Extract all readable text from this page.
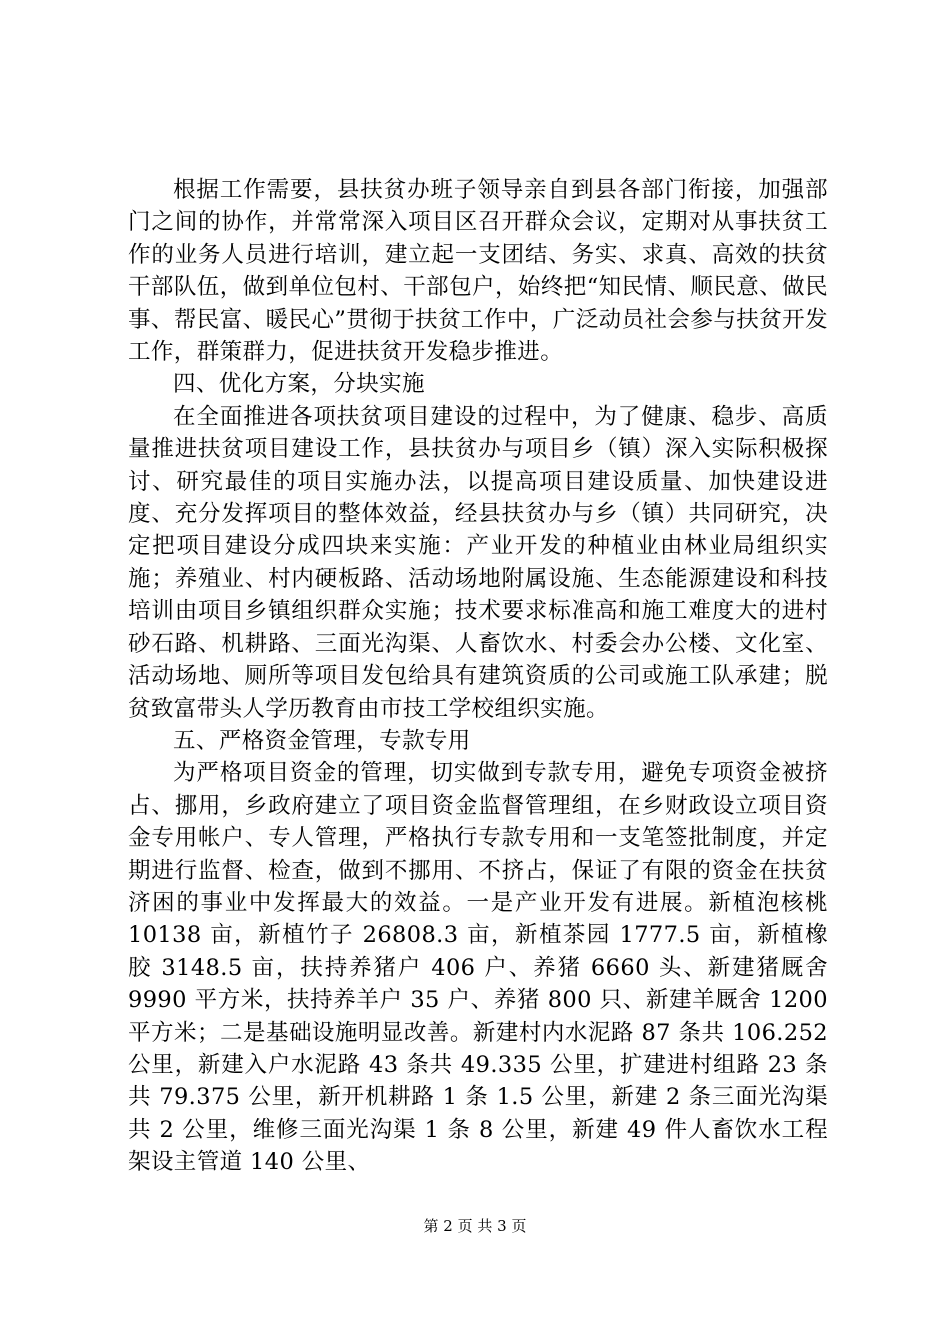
根据工作需要，县扶贫办班子领导亲自到县各部门衔接，加强部门之间的协作，并常常深入项目区召开群众会议，定期对从事扶贫工作的业务人员进行培训，建立起一支团结、务实、求真、高效的扶贫干部队伍，做到单位包村、干部包户，始终把“知民情、顺民意、做民事、帮民富、暖民心”贯彻于扶贫工作中，广泛动员社会参与扶贫开发工作，群策群力，促进扶贫开发稳步推进。

四、优化方案，分块实施

在全面推进各项扶贫项目建设的过程中，为了健康、稳步、高质量推进扶贫项目建设工作，县扶贫办与项目乡（镇）深入实际积极探讨、研究最佳的项目实施办法，以提高项目建设质量、加快建设进度、充分发挥项目的整体效益，经县扶贫办与乡（镇）共同研究，决定把项目建设分成四块来实施：产业开发的种植业由林业局组织实施；养殖业、村内硬板路、活动场地附属设施、生态能源建设和科技培训由项目乡镇组织群众实施；技术要求标准高和施工难度大的进村砂石路、机耕路、三面光沟渠、人畜饮水、村委会办公楼、文化室、活动场地、厕所等项目发包给具有建筑资质的公司或施工队承建；脱贫致富带头人学历教育由市技工学校组织实施。

五、严格资金管理，专款专用

为严格项目资金的管理，切实做到专款专用，避免专项资金被挤占、挪用，乡政府建立了项目资金监督管理组，在乡财政设立项目资金专用帐户、专人管理，严格执行专款专用和一支笔签批制度，并定期进行监督、检查，做到不挪用、不挤占，保证了有限的资金在扶贫济困的事业中发挥最大的效益。一是产业开发有进展。新植泡核桃 10138 亩，新植竹子 26808.3 亩，新植茶园 1777.5 亩，新植橡胶 3148.5 亩，扶持养猪户 406 户、养猪 6660 头、新建猪厩舍 9990 平方米，扶持养羊户 35 户、养猪 800 只、新建羊厩舍 1200 平方米；二是基础设施明显改善。新建村内水泥路 87 条共 106.252 公里，新建入户水泥路 43 条共 49.335 公里，扩建进村组路 23 条共 79.375 公里，新开机耕路 1 条 1.5 公里，新建 2 条三面光沟渠共 2 公里，维修三面光沟渠 1 条 8 公里，新建 49 件人畜饮水工程架设主管道 140 公里、

第 2 页 共 3 页
